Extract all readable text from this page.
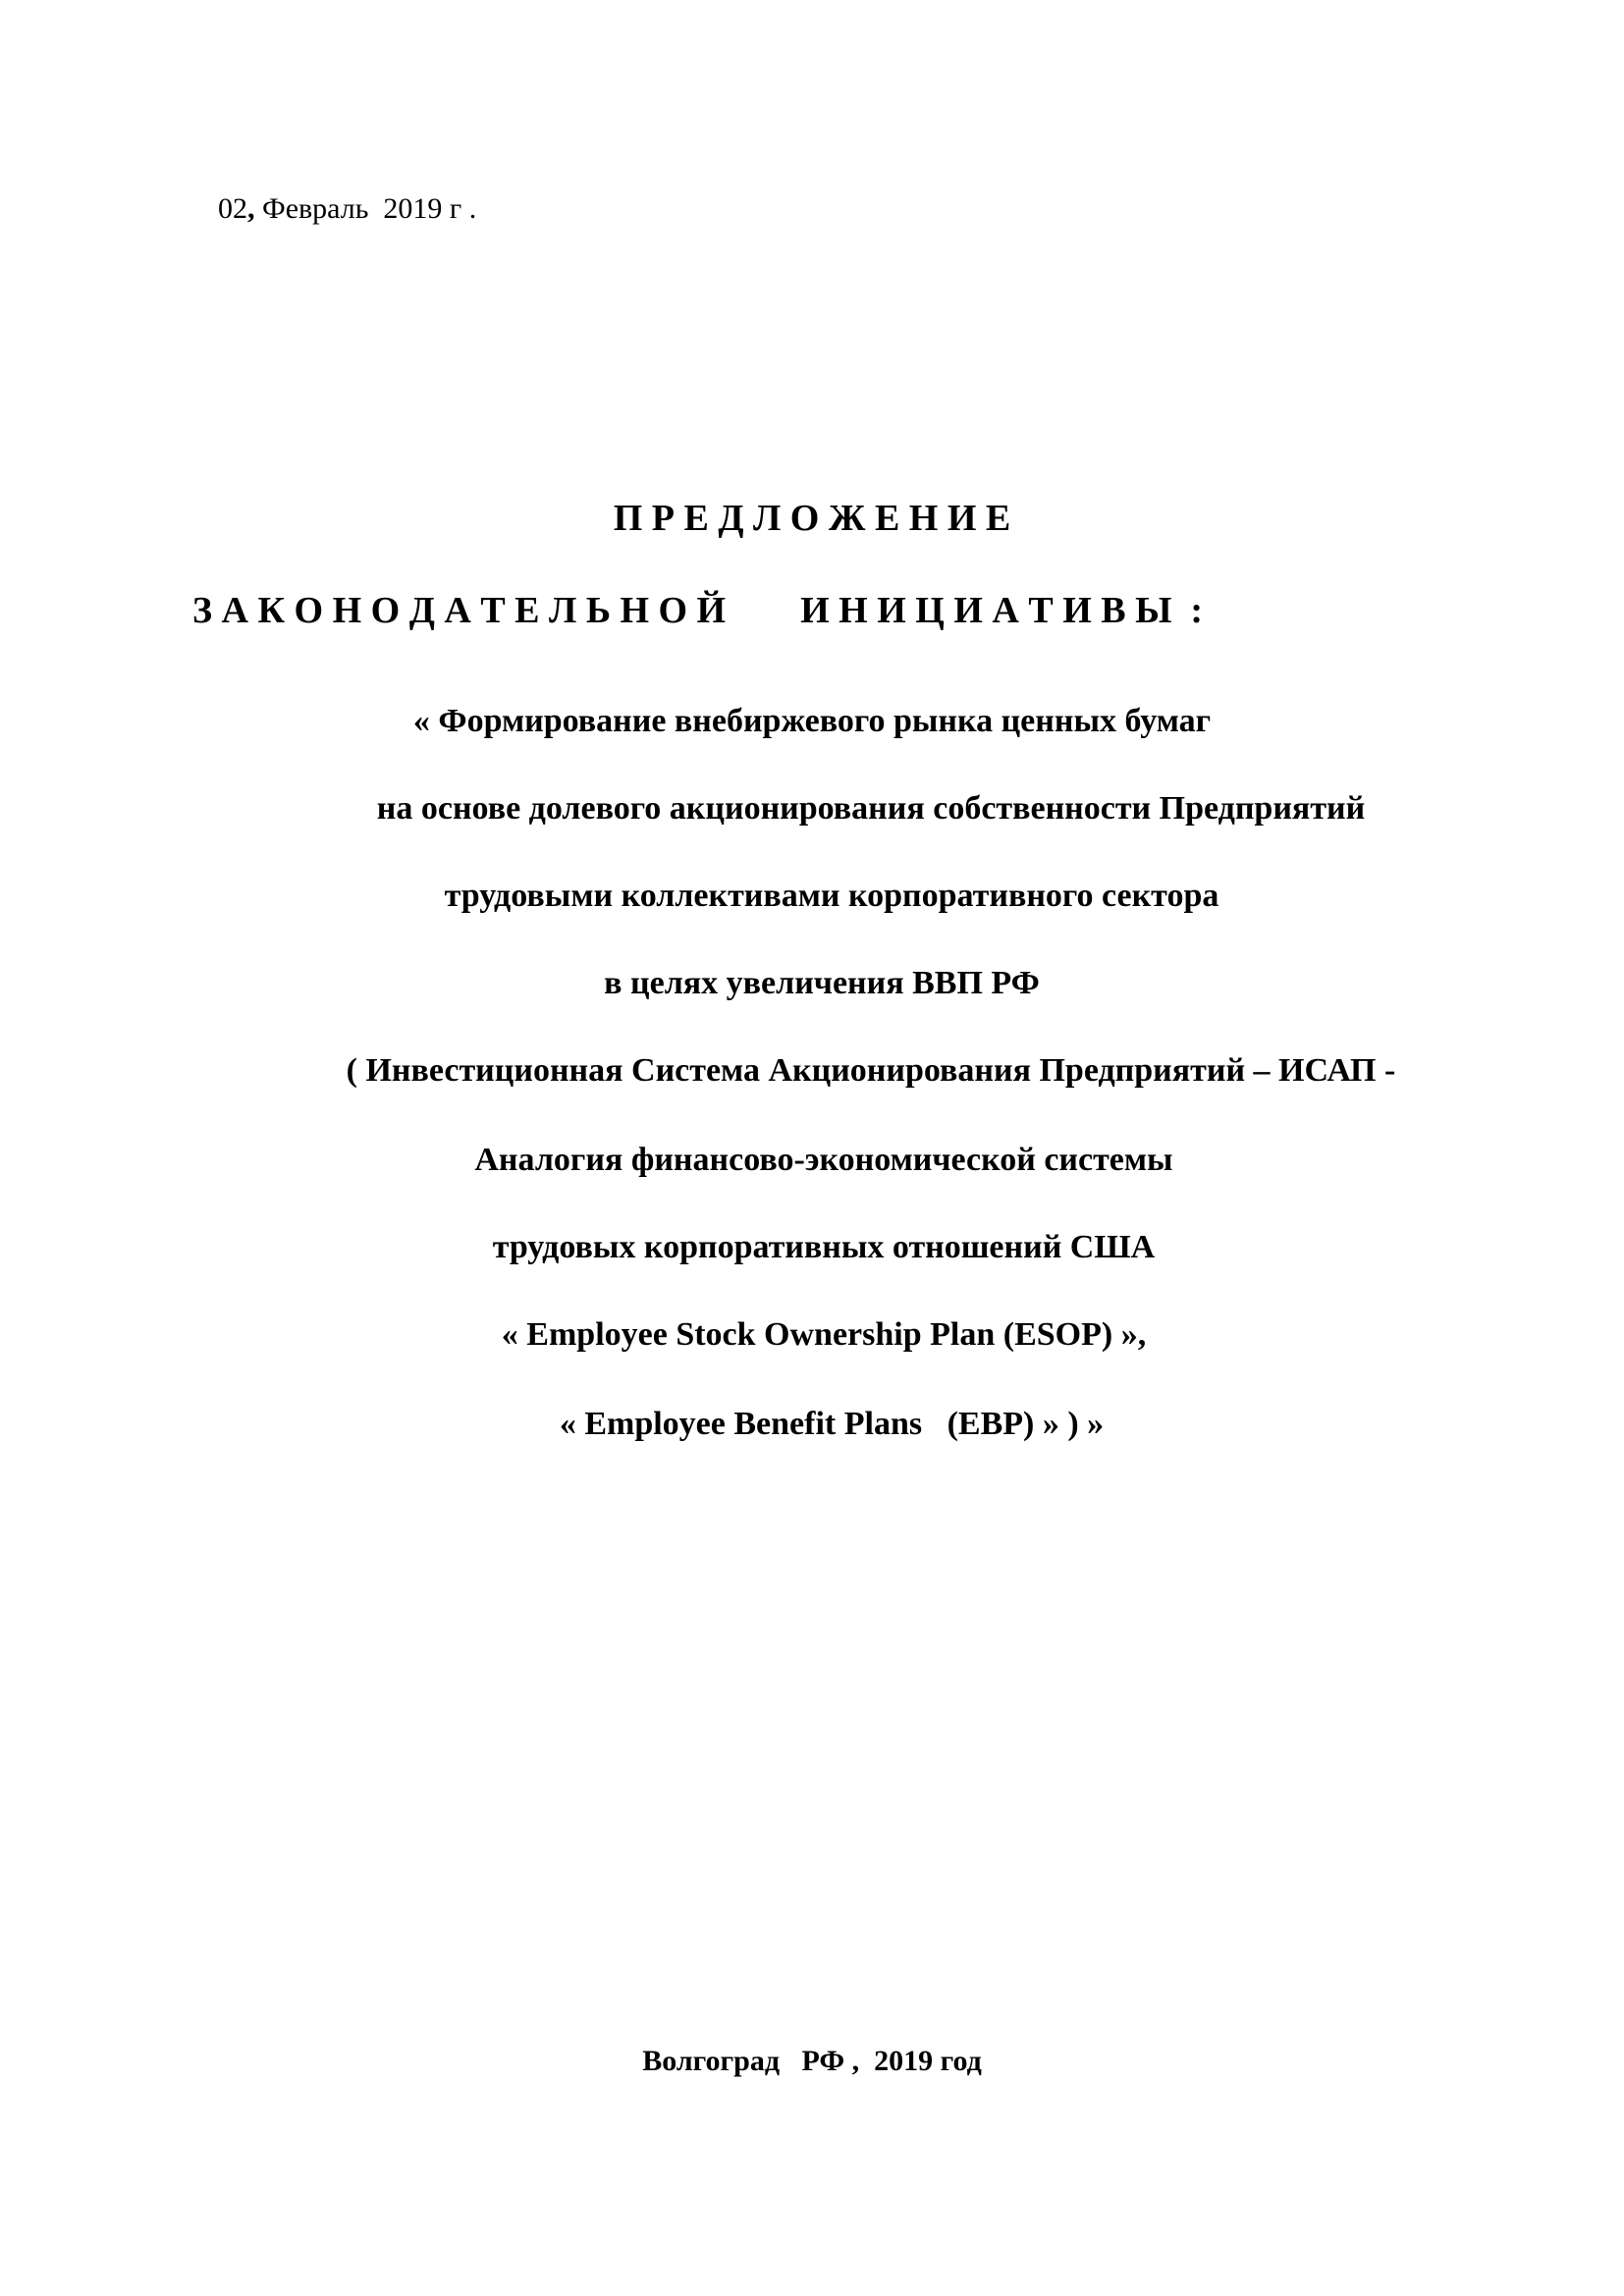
02, Февраль  2019 г .
П Р Е Д Л О Ж Е Н И Е
З А К О Н О Д А Т Е Л Ь Н О Й        И Н И Ц И А Т И В Ы  :
« Формирование внебиржевого рынка ценных бумаг
на основе долевого акционирования собственности Предприятий
трудовыми коллективами корпоративного сектора
в целях увеличения ВВП РФ
( Инвестиционная Система Акционирования Предприятий – ИСАП -
Аналогия финансово-экономической системы
трудовых корпоративных отношений США
« Employee Stock Ownership Plan (ESOP) »,
« Employee Benefit Plans   (EBP) » ) »
Волгоград   РФ ,  2019 год
